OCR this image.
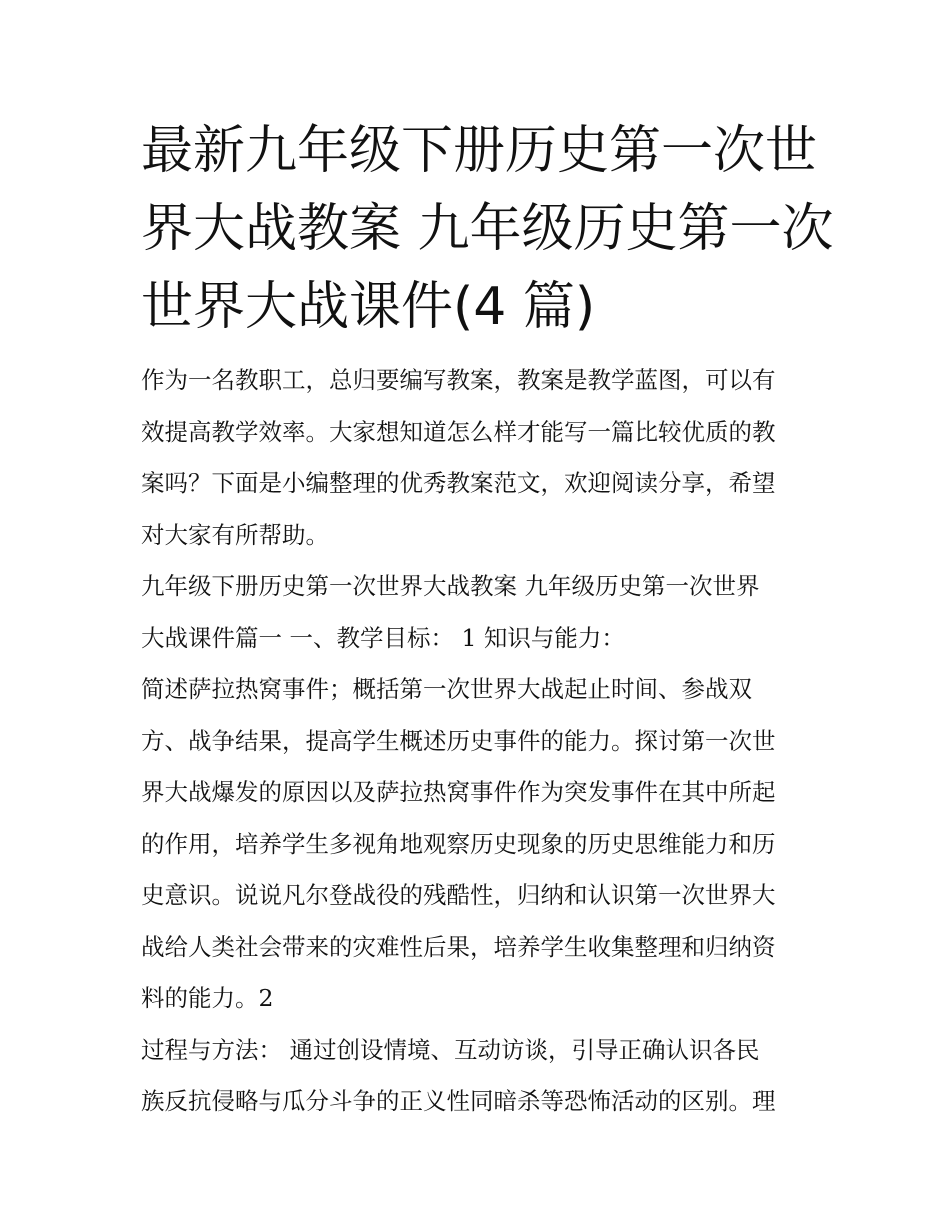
最新九年级下册历史第一次世
界大战教案 九年级历史第一次
世界大战课件(4 篇)

作为一名教职工，总归要编写教案，教案是教学蓝图，可以有
效提高教学效率。大家想知道怎么样才能写一篇比较优质的教
案吗？下面是小编整理的优秀教案范文，欢迎阅读分享，希望
对大家有所帮助。

九年级下册历史第一次世界大战教案 九年级历史第一次世界
大战课件篇一 一、教学目标： 1 知识与能力：

简述萨拉热窝事件；概括第一次世界大战起止时间、参战双
方、战争结果，提高学生概述历史事件的能力。探讨第一次世
界大战爆发的原因以及萨拉热窝事件作为突发事件在其中所起
的作用，培养学生多视角地观察历史现象的历史思维能力和历
史意识。说说凡尔登战役的残酷性，归纳和认识第一次世界大
战给人类社会带来的灾难性后果，培养学生收集整理和归纳资
料的能力。2

过程与方法： 通过创设情境、互动访谈，引导正确认识各民
族反抗侵略与瓜分斗争的正义性同暗杀等恐怖活动的区别。理
